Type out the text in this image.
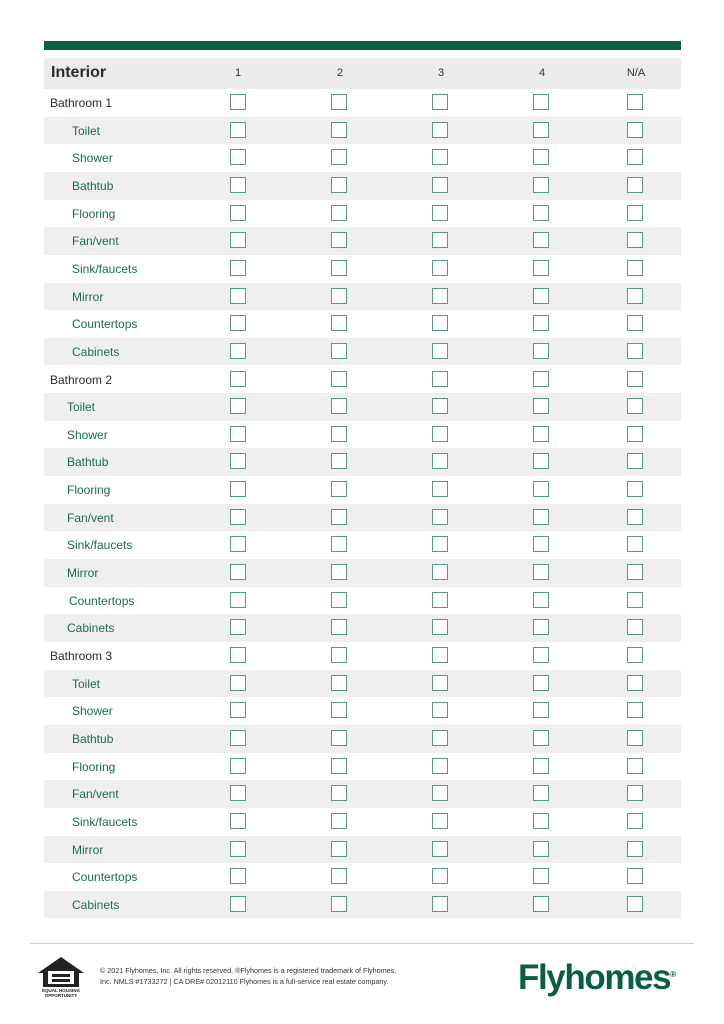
Interior	1	2	3	4	N/A
Bathroom 1
Toilet
Shower
Bathtub
Flooring
Fan/vent
Sink/faucets
Mirror
Countertops
Cabinets
Bathroom 2
Toilet
Shower
Bathtub
Flooring
Fan/vent
Sink/faucets
Mirror
Countertops
Cabinets
Bathroom 3
Toilet
Shower
Bathtub
Flooring
Fan/vent
Sink/faucets
Mirror
Countertops
Cabinets
EQUAL HOUSING
OPPORTUNITY
© 2021 Flyhomes, Inc. All rights reserved. ®Flyhomes is a registered trademark of Flyhomes, Inc. NMLS #1733272 | CA DRE# 02012110 Flyhomes is a full-service real estate company.	Flyhomes®
